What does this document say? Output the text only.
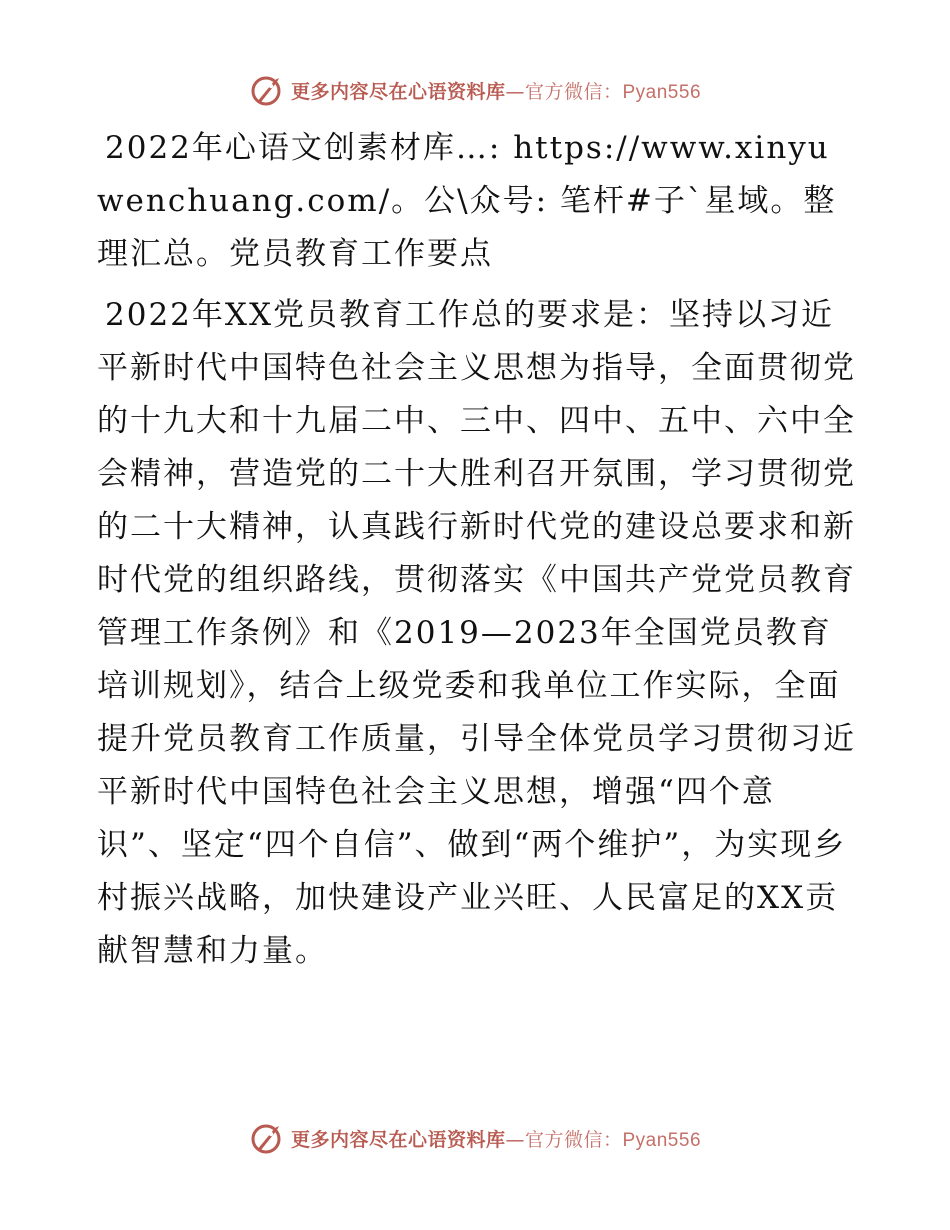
更多内容尽在心语资料库—官方微信：Pyan556

2022年心语文创素材库…: https://www.xinyuwenchuang.com/。公\众号: 笔杆#子`星域。整理汇总。党员教育工作要点

2022年XX党员教育工作总的要求是：坚持以习近平新时代中国特色社会主义思想为指导，全面贯彻党的十九大和十九届二中、三中、四中、五中、六中全会精神，营造党的二十大胜利召开氛围，学习贯彻党的二十大精神，认真践行新时代党的建设总要求和新时代党的组织路线，贯彻落实《中国共产党党员教育管理工作条例》和《2019—2023年全国党员教育培训规划》，结合上级党委和我单位工作实际，全面提升党员教育工作质量，引导全体党员学习贯彻习近平新时代中国特色社会主义思想，增强“四个意识”、坚定“四个自信”、做到“两个维护”，为实现乡村振兴战略，加快建设产业兴旺、人民富足的XX贡献智慧和力量。

更多内容尽在心语资料库—官方微信：Pyan556
